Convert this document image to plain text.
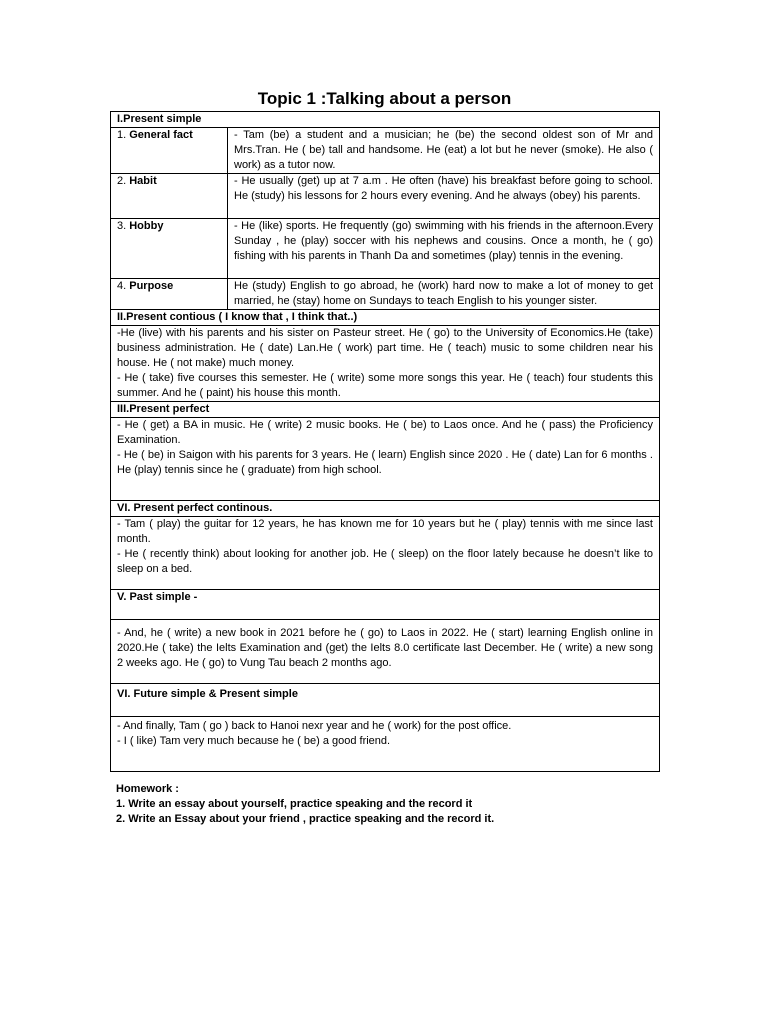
Topic 1 :Talking about a person
I.Present simple	
1. General fact	- Tam (be) a student and a musician; he (be) the second oldest son of Mr and Mrs.Tran. He ( be) tall and handsome. He (eat) a lot but he never (smoke). He also ( work) as a tutor now.
2. Habit	- He usually (get) up at 7 a.m . He often (have) his breakfast before going to school. He (study) his lessons for 2 hours every evening. And he always (obey) his parents.
3. Hobby	- He (like) sports. He frequently (go) swimming with his friends in the afternoon.Every Sunday , he (play) soccer with his nephews and cousins. Once a month, he ( go) fishing with his parents in Thanh Da and sometimes (play) tennis in the evening.
4. Purpose	He (study) English to go abroad, he (work) hard now to make a lot of money to get married, he (stay) home on Sundays to teach English to his younger sister.
II.Present contious ( I know that , I think that..)	

-He (live) with his parents and his sister on Pasteur street. He ( go) to the University of Economics.He (take) business administration. He ( date) Lan.He ( work) part time. He ( teach) music to some children near his house. He ( not make) much money.
- He ( take) five courses this semester. He ( write) some more songs this year. He ( teach) four students this summer. And he ( paint) his house this month.	

III.Present perfect	

- He ( get) a BA in music. He ( write) 2 music books. He ( be) to Laos once. And he ( pass) the Proficiency Examination.
- He ( be) in Saigon with his parents for 3 years. He ( learn) English since 2020 . He ( date) Lan for 6 months . He (play) tennis since he ( graduate) from high school.	

VI. Present perfect continous.	

- Tam ( play) the guitar for 12 years, he has known me for 10 years but he ( play) tennis with me since last month.
- He ( recently think) about looking for another job. He ( sleep) on the floor lately because he doesn’t like to sleep on a bed.	

V. Past simple -	

- And, he ( write) a new book in 2021 before he ( go) to Laos in 2022. He ( start) learning English online in 2020.He ( take) the Ielts Examination and (get) the Ielts 8.0 certificate last December. He ( write) a new song 2 weeks ago. He ( go) to Vung Tau beach 2 months ago.	

VI. Future simple & Present simple	

- And finally, Tam ( go ) back to Hanoi nexr year and he ( work) for the post office.
- I ( like) Tam very much because he ( be) a good friend.	
Homework :
1. Write an essay about yourself, practice speaking and the record it
2. Write an Essay about your friend , practice speaking and the record it.
